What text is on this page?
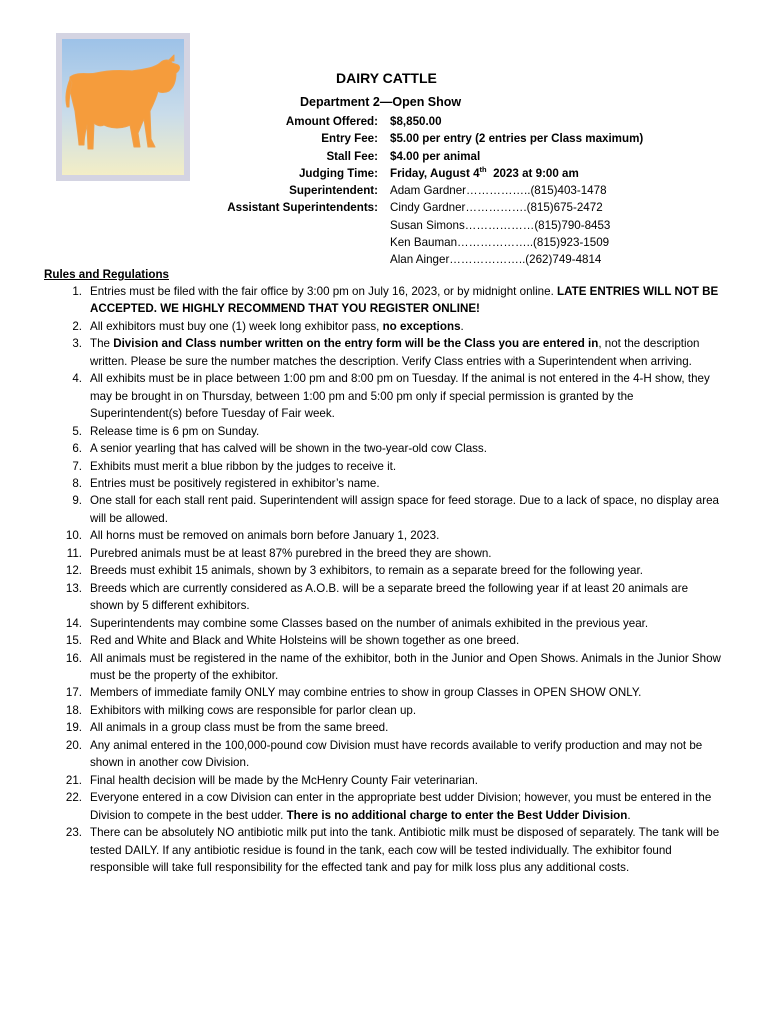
DAIRY CATTLE
Department 2—Open Show
Amount Offered: $8,850.00
Entry Fee: $5.00 per entry (2 entries per Class maximum)
Stall Fee: $4.00 per animal
Judging Time: Friday, August 4th  2023 at 9:00 am
Superintendent: Adam Gardner……………..(815)403-1478
Assistant Superintendents: Cindy Gardner…………….(815)675-2472
Susan Simons………………(815)790-8453
Ken Bauman………………..(815)923-1509
Alan Ainger………………..(262)749-4814
Rules and Regulations
1. Entries must be filed with the fair office by 3:00 pm on July 16, 2023, or by midnight online. LATE ENTRIES WILL NOT BE ACCEPTED. WE HIGHLY RECOMMEND THAT YOU REGISTER ONLINE!
2. All exhibitors must buy one (1) week long exhibitor pass, no exceptions.
3. The Division and Class number written on the entry form will be the Class you are entered in, not the description written. Please be sure the number matches the description. Verify Class entries with a Superintendent when arriving.
4. All exhibits must be in place between 1:00 pm and 8:00 pm on Tuesday. If the animal is not entered in the 4-H show, they may be brought in on Thursday, between 1:00 pm and 5:00 pm only if special permission is granted by the Superintendent(s) before Tuesday of Fair week.
5. Release time is 6 pm on Sunday.
6. A senior yearling that has calved will be shown in the two-year-old cow Class.
7. Exhibits must merit a blue ribbon by the judges to receive it.
8. Entries must be positively registered in exhibitor’s name.
9. One stall for each stall rent paid. Superintendent will assign space for feed storage. Due to a lack of space, no display area will be allowed.
10. All horns must be removed on animals born before January 1, 2023.
11. Purebred animals must be at least 87% purebred in the breed they are shown.
12. Breeds must exhibit 15 animals, shown by 3 exhibitors, to remain as a separate breed for the following year.
13. Breeds which are currently considered as A.O.B. will be a separate breed the following year if at least 20 animals are shown by 5 different exhibitors.
14. Superintendents may combine some Classes based on the number of animals exhibited in the previous year.
15. Red and White and Black and White Holsteins will be shown together as one breed.
16. All animals must be registered in the name of the exhibitor, both in the Junior and Open Shows. Animals in the Junior Show must be the property of the exhibitor.
17. Members of immediate family ONLY may combine entries to show in group Classes in OPEN SHOW ONLY.
18. Exhibitors with milking cows are responsible for parlor clean up.
19. All animals in a group class must be from the same breed.
20. Any animal entered in the 100,000-pound cow Division must have records available to verify production and may not be shown in another cow Division.
21. Final health decision will be made by the McHenry County Fair veterinarian.
22. Everyone entered in a cow Division can enter in the appropriate best udder Division; however, you must be entered in the Division to compete in the best udder. There is no additional charge to enter the Best Udder Division.
23. There can be absolutely NO antibiotic milk put into the tank. Antibiotic milk must be disposed of separately. The tank will be tested DAILY. If any antibiotic residue is found in the tank, each cow will be tested individually. The exhibitor found responsible will take full responsibility for the effected tank and pay for milk loss plus any additional costs.
